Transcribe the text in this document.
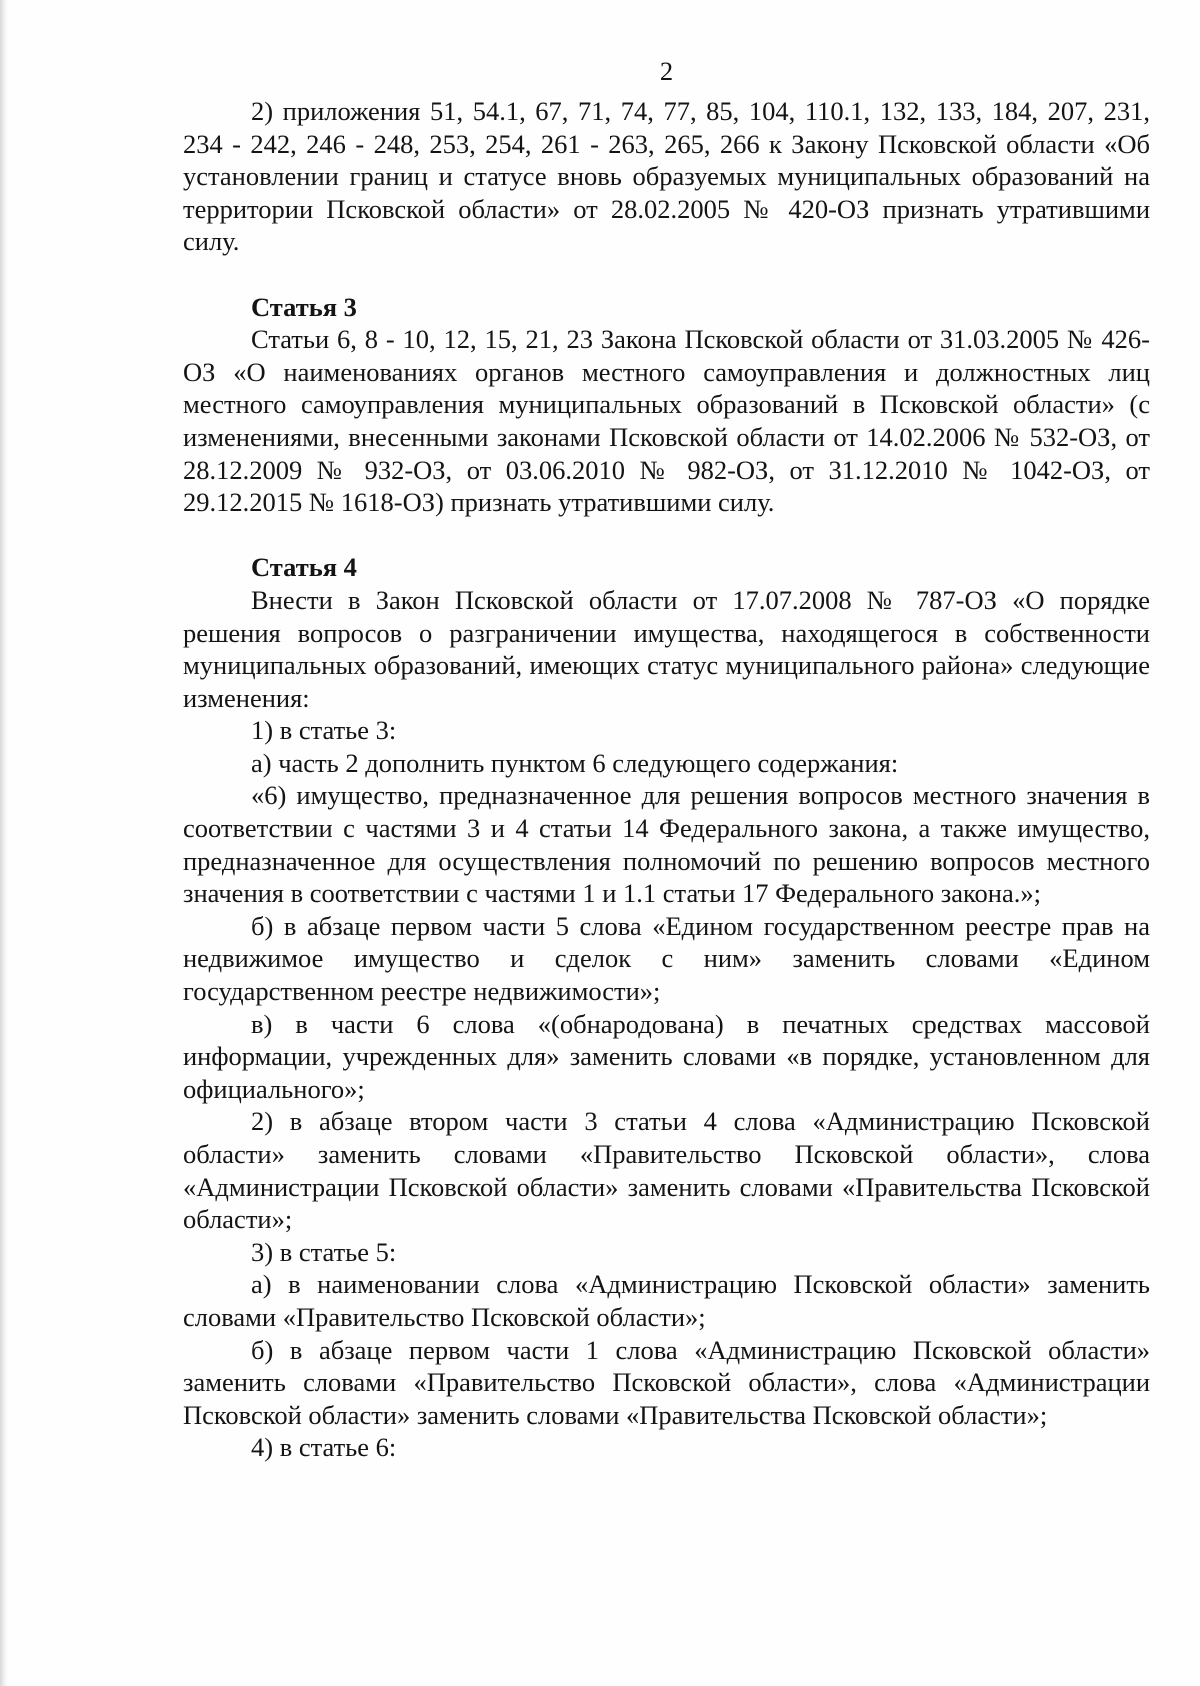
2

2) приложения 51, 54.1, 67, 71, 74, 77, 85, 104, 110.1, 132, 133, 184, 207, 231, 234 - 242, 246 - 248, 253, 254, 261 - 263, 265, 266 к Закону Псковской области «Об установлении границ и статусе вновь образуемых муниципальных образований на территории Псковской области» от 28.02.2005 № 420-ОЗ признать утратившими силу.

Статья 3

Статьи 6, 8 - 10, 12, 15, 21, 23 Закона Псковской области от 31.03.2005 № 426-ОЗ «О наименованиях органов местного самоуправления и должностных лиц местного самоуправления муниципальных образований в Псковской области» (с изменениями, внесенными законами Псковской области от 14.02.2006 № 532-ОЗ, от 28.12.2009 № 932-ОЗ, от 03.06.2010 № 982-ОЗ, от 31.12.2010 № 1042-ОЗ, от 29.12.2015 № 1618-ОЗ) признать утратившими силу.

Статья 4

Внести в Закон Псковской области от 17.07.2008 № 787-ОЗ «О порядке решения вопросов о разграничении имущества, находящегося в собственности муниципальных образований, имеющих статус муниципального района» следующие изменения:

1) в статье 3:

а) часть 2 дополнить пунктом 6 следующего содержания:

«6) имущество, предназначенное для решения вопросов местного значения в соответствии с частями 3 и 4 статьи 14 Федерального закона, а также имущество, предназначенное для осуществления полномочий по решению вопросов местного значения в соответствии с частями 1 и 1.1 статьи 17 Федерального закона.»;

б) в абзаце первом части 5 слова «Едином государственном реестре прав на недвижимое имущество и сделок с ним» заменить словами «Едином государственном реестре недвижимости»;

в) в части 6 слова «(обнародована) в печатных средствах массовой информации, учрежденных для» заменить словами «в порядке, установленном для официального»;

2) в абзаце втором части 3 статьи 4 слова «Администрацию Псковской области» заменить словами «Правительство Псковской области», слова «Администрации Псковской области» заменить словами «Правительства Псковской области»;

3) в статье 5:

а) в наименовании слова «Администрацию Псковской области» заменить словами «Правительство Псковской области»;

б) в абзаце первом части 1 слова «Администрацию Псковской области» заменить словами «Правительство Псковской области», слова «Администрации Псковской области» заменить словами «Правительства Псковской области»;

4) в статье 6:
